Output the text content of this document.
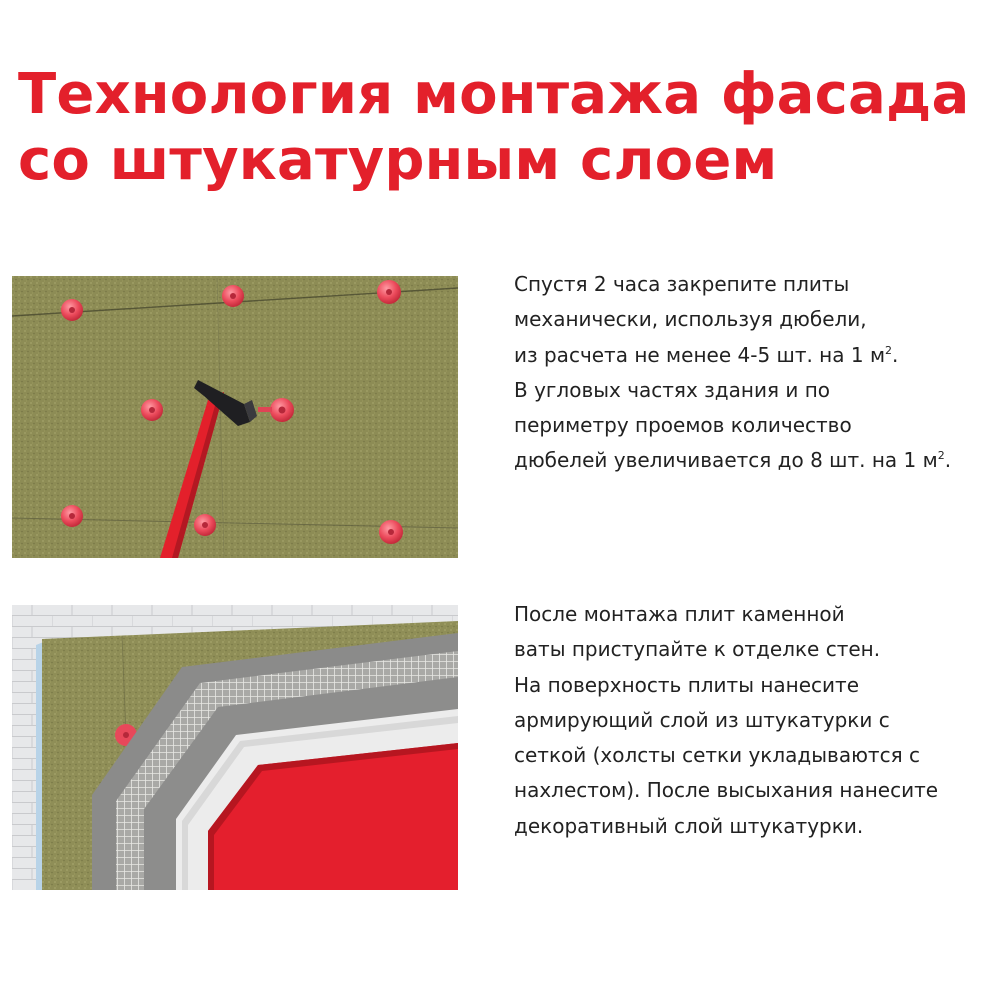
Технология монтажа фасада
со штукатурным слоем
Спустя 2 часа закрепите плиты
механически, используя дюбели,
из расчета не менее 4-5 шт. на 1 $м^2$.
В угловых частях здания и по
периметру проемов количество
дюбелей увеличивается до 8 шт. на 1 $м^2$.
После монтажа плит каменной
ваты приступайте к отделке стен.
На поверхность плиты нанесите
армирующий слой из штукатурки с
сеткой (холсты сетки укладываются с
нахлестом). После высыхания нанесите
декоративный слой штукатурки.
